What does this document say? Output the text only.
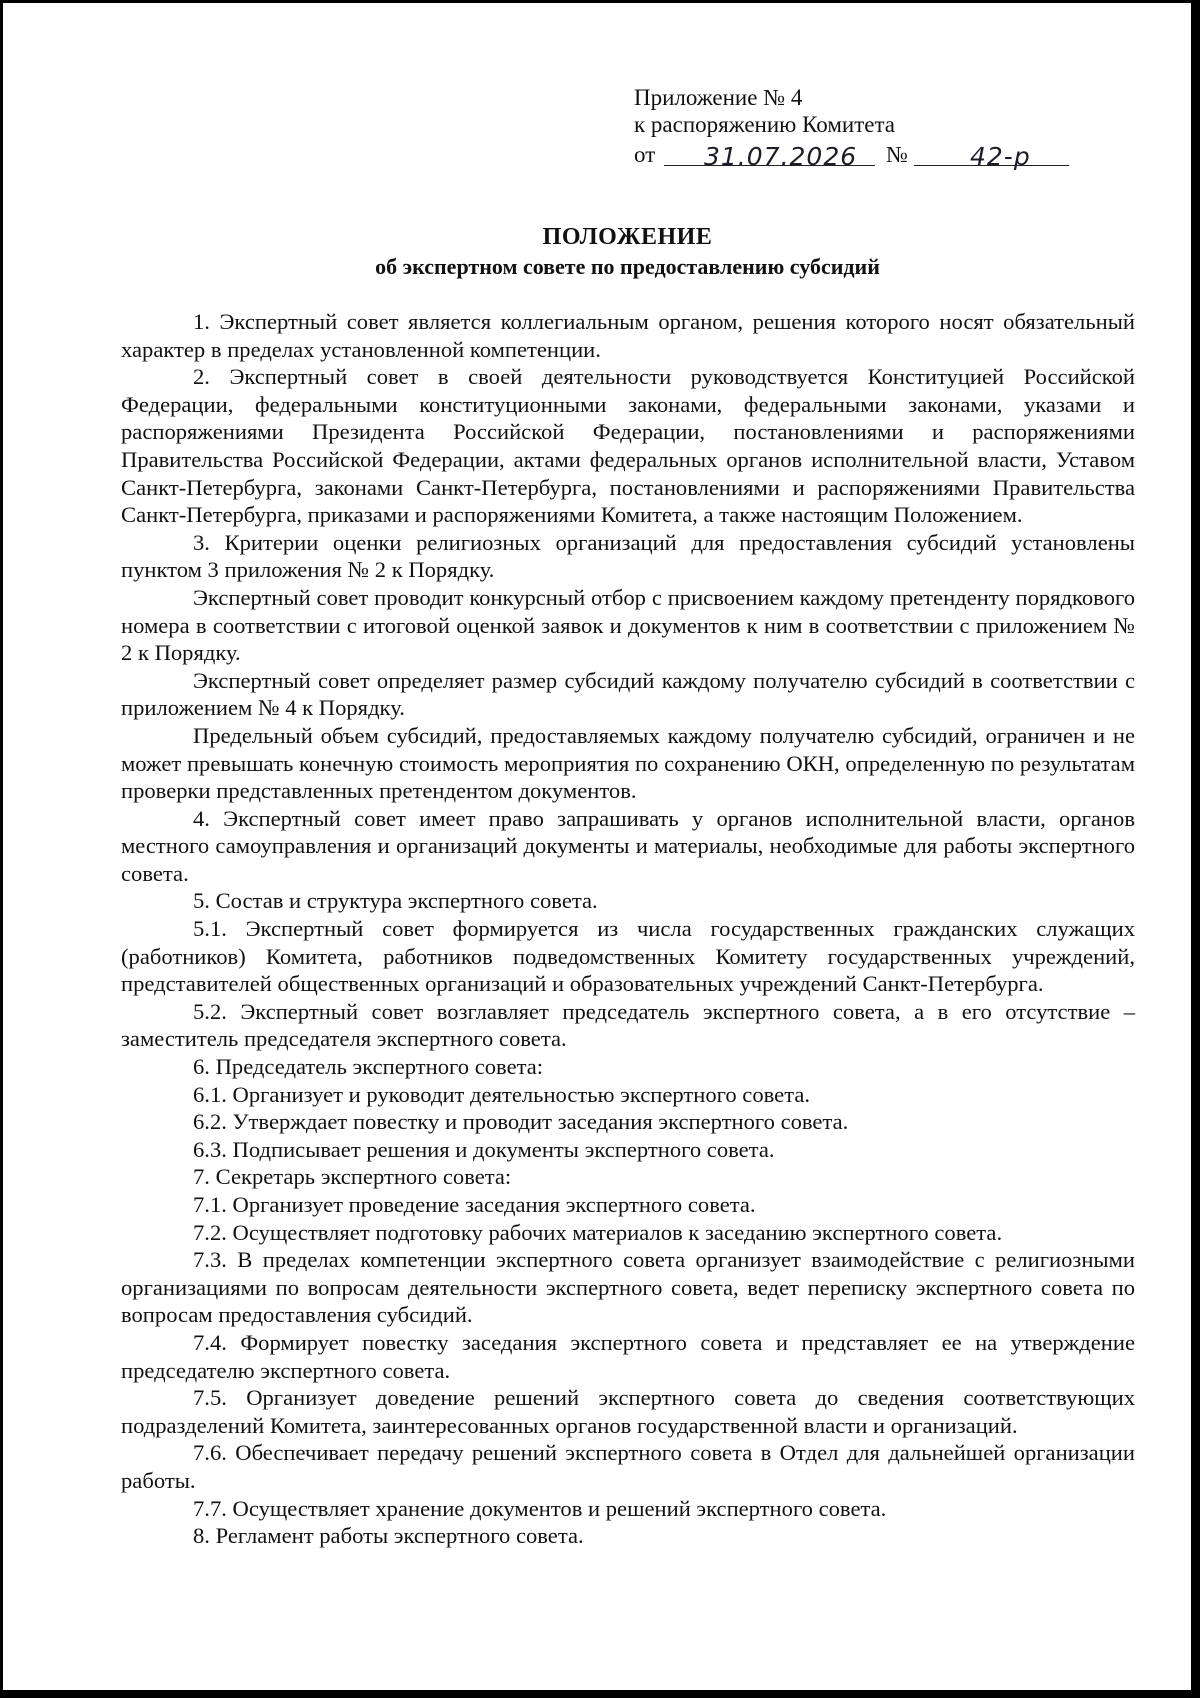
Приложение № 4
к распоряжению Комитета
от 31.07.2026 № 42-р
ПОЛОЖЕНИЕ
об экспертном совете по предоставлению субсидий

1. Экспертный совет является коллегиальным органом, решения которого носят обязательный характер в пределах установленной компетенции.

2. Экспертный совет в своей деятельности руководствуется Конституцией Российской Федерации, федеральными конституционными законами, федеральными законами, указами и распоряжениями Президента Российской Федерации, постановлениями и распоряжениями Правительства Российской Федерации, актами федеральных органов исполнительной власти, Уставом Санкт-Петербурга, законами Санкт-Петербурга, постановлениями и распоряжениями Правительства Санкт-Петербурга, приказами и распоряжениями Комитета, а также настоящим Положением.

3. Критерии оценки религиозных организаций для предоставления субсидий установлены пунктом 3 приложения № 2 к Порядку.

Экспертный совет проводит конкурсный отбор с присвоением каждому претенденту порядкового номера в соответствии с итоговой оценкой заявок и документов к ним в соответствии с приложением № 2 к Порядку.

Экспертный совет определяет размер субсидий каждому получателю субсидий в соответствии с приложением № 4 к Порядку.

Предельный объем субсидий, предоставляемых каждому получателю субсидий, ограничен и не может превышать конечную стоимость мероприятия по сохранению ОКН, определенную по результатам проверки представленных претендентом документов.

4. Экспертный совет имеет право запрашивать у органов исполнительной власти, органов местного самоуправления и организаций документы и материалы, необходимые для работы экспертного совета.

5. Состав и структура экспертного совета.

5.1. Экспертный совет формируется из числа государственных гражданских служащих (работников) Комитета, работников подведомственных Комитету государственных учреждений, представителей общественных организаций и образовательных учреждений Санкт-Петербурга.

5.2. Экспертный совет возглавляет председатель экспертного совета, а в его отсутствие – заместитель председателя экспертного совета.

6. Председатель экспертного совета:

6.1. Организует и руководит деятельностью экспертного совета.

6.2. Утверждает повестку и проводит заседания экспертного совета.

6.3. Подписывает решения и документы экспертного совета.

7. Секретарь экспертного совета:

7.1. Организует проведение заседания экспертного совета.

7.2. Осуществляет подготовку рабочих материалов к заседанию экспертного совета.

7.3. В пределах компетенции экспертного совета организует взаимодействие с религиозными организациями по вопросам деятельности экспертного совета, ведет переписку экспертного совета по вопросам предоставления субсидий.

7.4. Формирует повестку заседания экспертного совета и представляет ее на утверждение председателю экспертного совета.

7.5. Организует доведение решений экспертного совета до сведения соответствующих подразделений Комитета, заинтересованных органов государственной власти и организаций.

7.6. Обеспечивает передачу решений экспертного совета в Отдел для дальнейшей организации работы.

7.7. Осуществляет хранение документов и решений экспертного совета.

8. Регламент работы экспертного совета.
